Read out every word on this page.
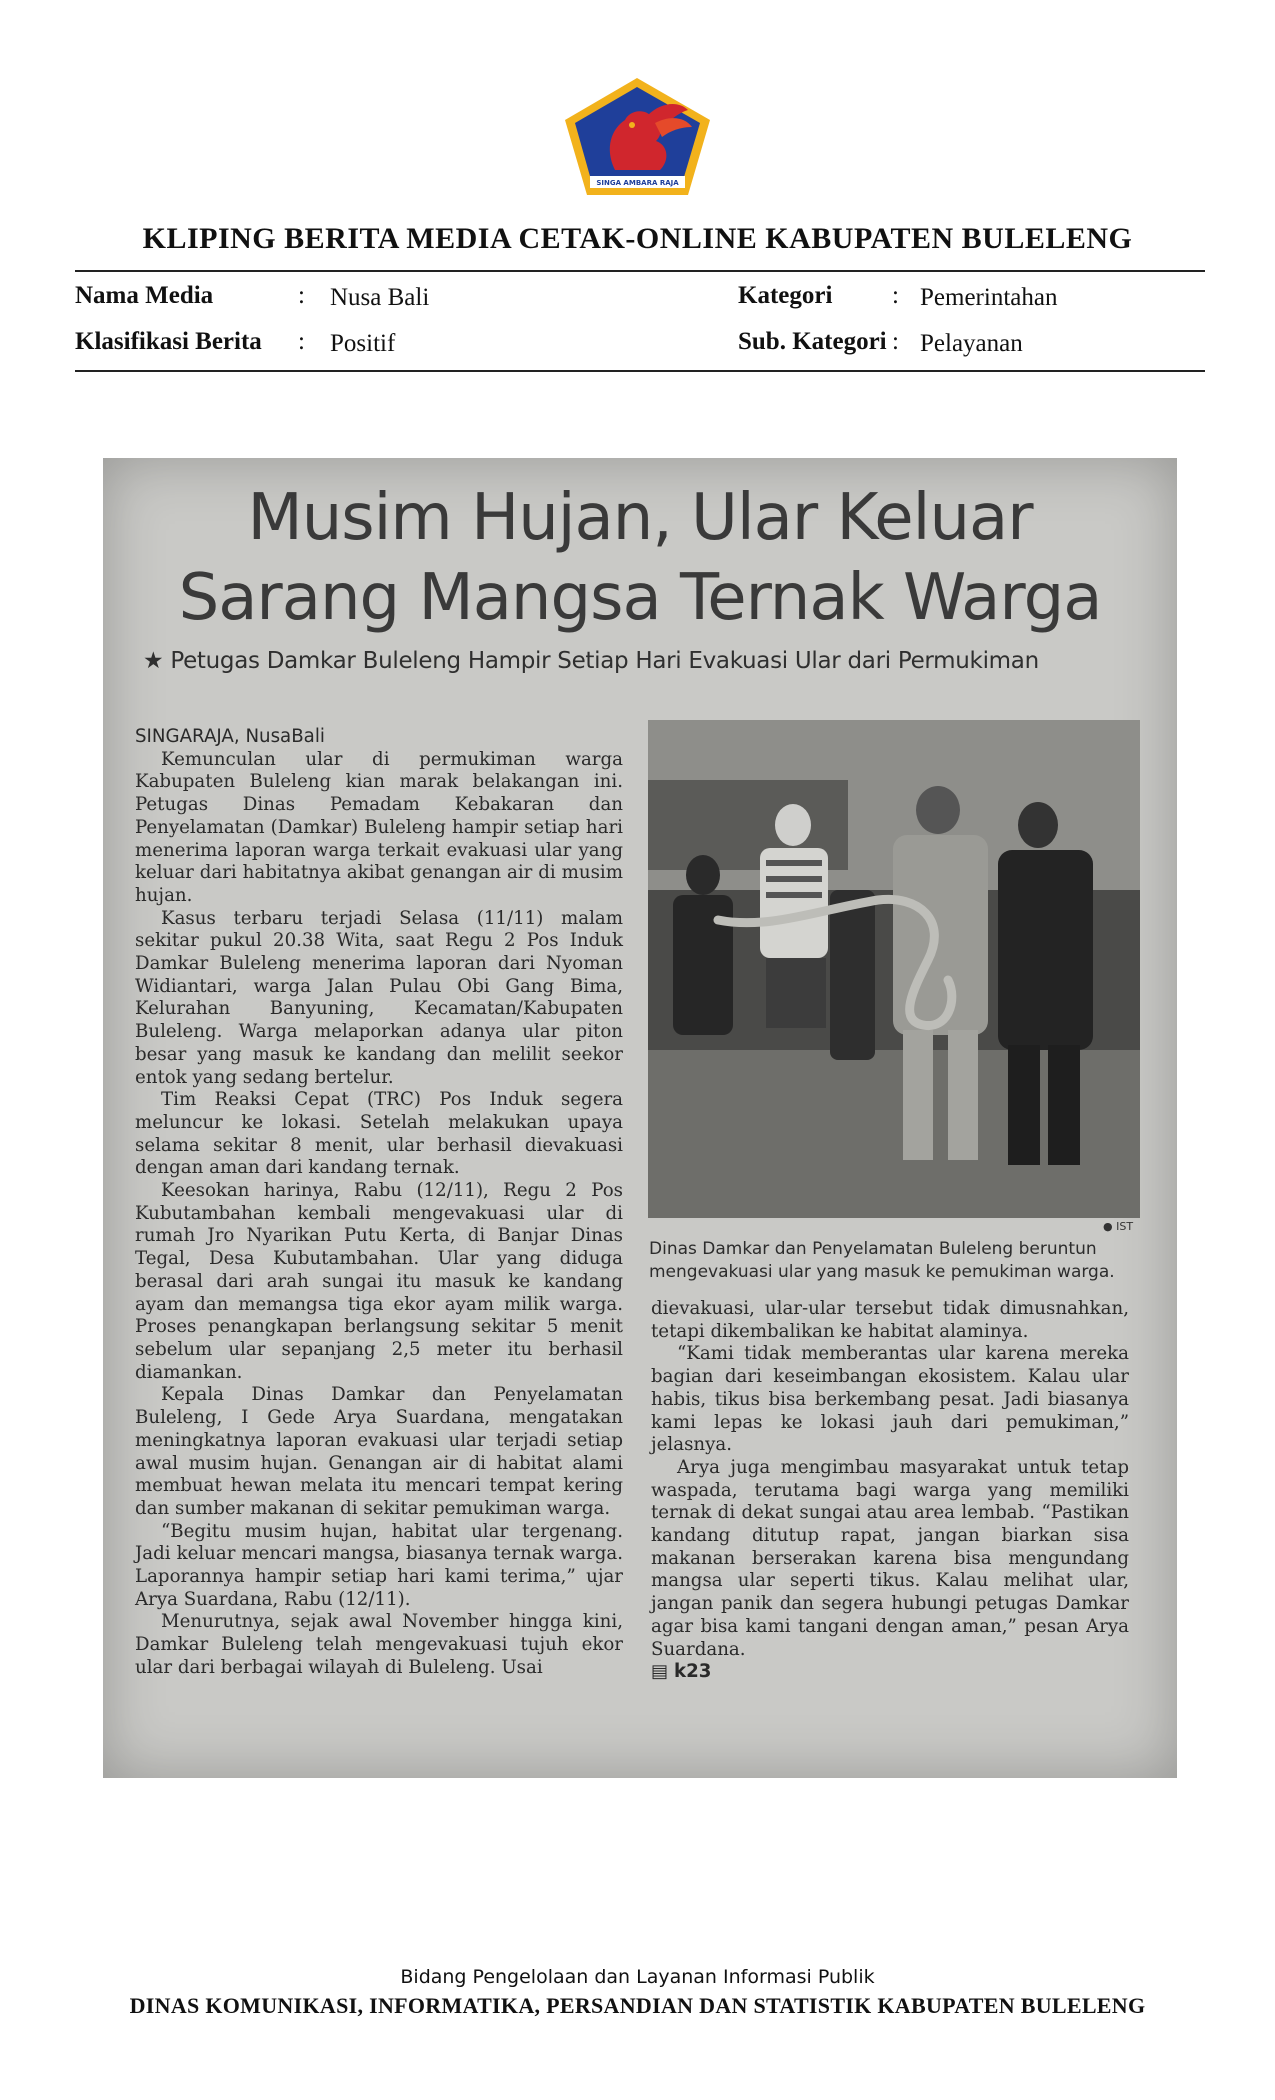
SINGA AMBARA RAJA
KLIPING BERITA MEDIA CETAK-ONLINE KABUPATEN BULELENG
Nama Media	: Nusa Bali
Klasifikasi Berita : Positif
Kategori : Pemerintahan
Sub. Kategori : Pelayanan
Musim Hujan, Ular Keluar
Sarang Mangsa Ternak Warga
★ Petugas Damkar Buleleng Hampir Setiap Hari Evakuasi Ular dari Permukiman

SINGARAJA, NusaBali

Kemunculan ular di permukiman warga Kabupaten Buleleng kian marak belakangan ini. Petugas Dinas Pemadam Kebakaran dan Penyelamatan (Damkar) Buleleng hampir setiap hari menerima laporan warga terkait evakuasi ular yang keluar dari habitatnya akibat genangan air di musim hujan.

Kasus terbaru terjadi Selasa (11/11) malam sekitar pukul 20.38 Wita, saat Regu 2 Pos Induk Damkar Buleleng menerima laporan dari Nyoman Widiantari, warga Jalan Pulau Obi Gang Bima, Kelurahan Banyuning, Kecamatan/Kabupaten Buleleng. Warga melaporkan adanya ular piton besar yang masuk ke kandang dan melilit seekor entok yang sedang bertelur.

Tim Reaksi Cepat (TRC) Pos Induk segera meluncur ke lokasi. Setelah melakukan upaya selama sekitar 8 menit, ular berhasil dievakuasi dengan aman dari kandang ternak.

Keesokan harinya, Rabu (12/11), Regu 2 Pos Kubutambahan kembali mengevakuasi ular di rumah Jro Nyarikan Putu Kerta, di Banjar Dinas Tegal, Desa Kubutambahan. Ular yang diduga berasal dari arah sungai itu masuk ke kandang ayam dan memangsa tiga ekor ayam milik warga. Proses penangkapan berlangsung sekitar 5 menit sebelum ular sepanjang 2,5 meter itu berhasil diamankan.

Kepala Dinas Damkar dan Penyelamatan Buleleng, I Gede Arya Suardana, mengatakan meningkatnya laporan evakuasi ular terjadi setiap awal musim hujan. Genangan air di habitat alami membuat hewan melata itu mencari tempat kering dan sumber makanan di sekitar pemukiman warga.

“Begitu musim hujan, habitat ular tergenang. Jadi keluar mencari mangsa, biasanya ternak warga. Laporannya hampir setiap hari kami terima,” ujar Arya Suardana, Rabu (12/11).

Menurutnya, sejak awal November hingga kini, Damkar Buleleng telah mengevakuasi tujuh ekor ular dari berbagai wilayah di Buleleng. Usai

● IST
Dinas Damkar dan Penyelamatan Buleleng beruntun mengevakuasi ular yang masuk ke pemukiman warga.

dievakuasi, ular-ular tersebut tidak dimusnahkan, tetapi dikembalikan ke habitat alaminya.

“Kami tidak memberantas ular karena mereka bagian dari keseimbangan ekosistem. Kalau ular habis, tikus bisa berkembang pesat. Jadi biasanya kami lepas ke lokasi jauh dari pemukiman,” jelasnya.

Arya juga mengimbau masyarakat untuk tetap waspada, terutama bagi warga yang memiliki ternak di dekat sungai atau area lembab. “Pastikan kandang ditutup rapat, jangan biarkan sisa makanan berserakan karena bisa mengundang mangsa ular seperti tikus. Kalau melihat ular, jangan panik dan segera hubungi petugas Damkar agar bisa kami tangani dengan aman,” pesan Arya Suardana.

▤ k23

Bidang Pengelolaan dan Layanan Informasi Publik
DINAS KOMUNIKASI, INFORMATIKA, PERSANDIAN DAN STATISTIK KABUPATEN BULELENG
